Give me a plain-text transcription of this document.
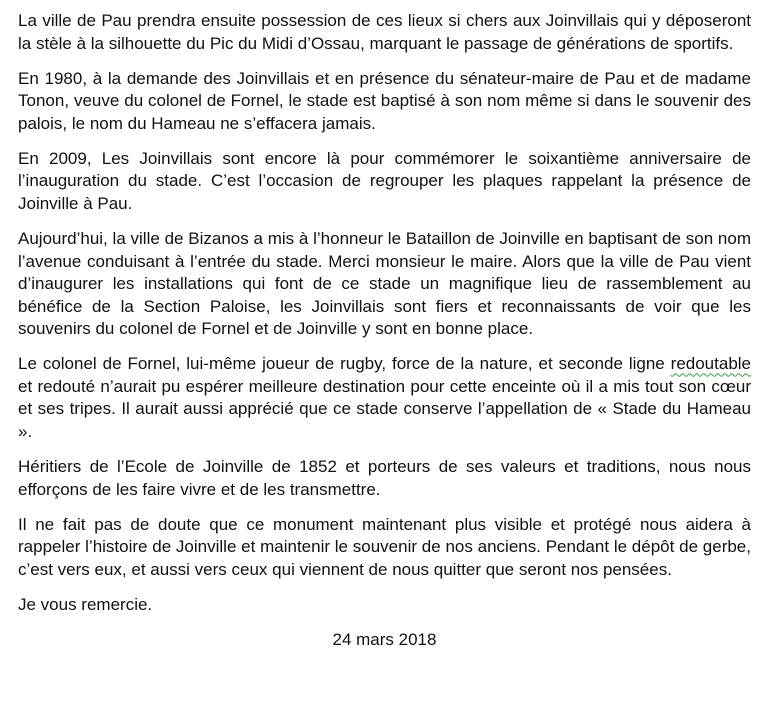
La ville de Pau prendra ensuite possession de ces lieux si chers aux Joinvillais qui y déposeront la stèle à la silhouette du Pic du Midi d’Ossau, marquant le passage de générations de sportifs.

En 1980, à la demande des Joinvillais et en présence du sénateur-maire de Pau et de madame Tonon, veuve du colonel de Fornel, le stade est baptisé à son nom même si dans le souvenir des palois, le nom du Hameau ne s’effacera jamais.

En 2009, Les Joinvillais sont encore là pour commémorer le soixantième anniversaire de l’inauguration du stade. C’est l’occasion de regrouper les plaques rappelant la présence de Joinville à Pau.

Aujourd’hui, la ville de Bizanos a mis à l’honneur le Bataillon de Joinville en baptisant de son nom l’avenue conduisant à l’entrée du stade. Merci monsieur le maire. Alors que la ville de Pau vient d’inaugurer les installations qui font de ce stade un magnifique lieu de rassemblement au bénéfice de la Section Paloise, les Joinvillais sont fiers et reconnaissants de voir que les souvenirs du colonel de Fornel et de Joinville y sont en bonne place.

Le colonel de Fornel, lui-même joueur de rugby, force de la nature, et seconde ligne redoutable et redouté n’aurait pu espérer meilleure destination pour cette enceinte où il a mis tout son cœur et ses tripes. Il aurait aussi apprécié que ce stade conserve l’appellation de « Stade du Hameau ».

Héritiers de l’Ecole de Joinville de 1852 et porteurs de ses valeurs et traditions, nous nous efforçons de les faire vivre et de les transmettre.

Il ne fait pas de doute que ce monument maintenant plus visible et protégé nous aidera à rappeler l’histoire de Joinville et maintenir le souvenir de nos anciens. Pendant le dépôt de gerbe, c’est vers eux, et aussi vers ceux qui viennent de nous quitter que seront nos pensées.

Je vous remercie.

24 mars 2018
